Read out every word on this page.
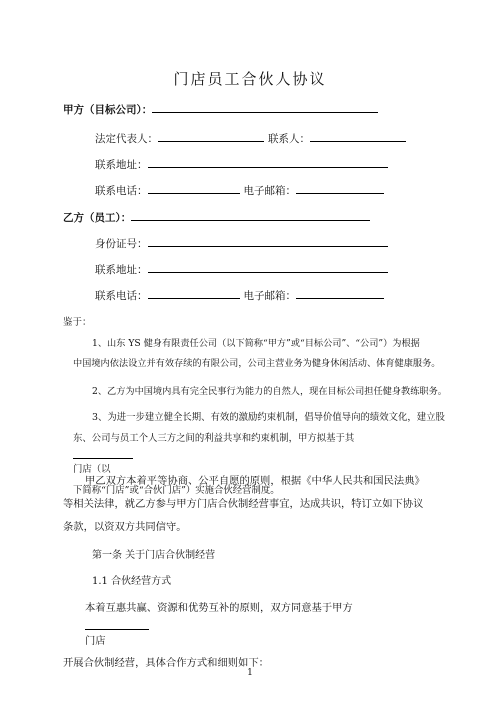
门店员工合伙人协议
甲方（目标公司）：
法定代表人：	联系人：
联系地址：
联系电话：	电子邮箱：
乙方（员工）：
身份证号：
联系地址：
联系电话：	电子邮箱：
鉴于：
1、山东 YS 健身有限责任公司（以下简称“甲方”或“目标公司”、“公司”）为根据
中国境内依法设立并有效存续的有限公司，公司主营业务为健身休闲活动、体育健康服务。
2、乙方为中国境内具有完全民事行为能力的自然人，现在目标公司担任健身教练职务。
3、为进一步建立健全长期、有效的激励约束机制，倡导价值导向的绩效文化，建立股
东、公司与员工个人三方之间的利益共享和约束机制，甲方拟基于其
门店（以
下简称“门店”或“合伙门店”）实施合伙经营制度。
甲乙双方本着平等协商、公平自愿的原则，根据《中华人民共和国民法典》
等相关法律，就乙方参与甲方门店合伙制经营事宜，达成共识，特订立如下协议
条款，以资双方共同信守。
第一条 关于门店合伙制经营
1.1 合伙经营方式
本着互惠共赢、资源和优势互补的原则，双方同意基于甲方
门店
开展合伙制经营，具体合作方式和细则如下：
1
